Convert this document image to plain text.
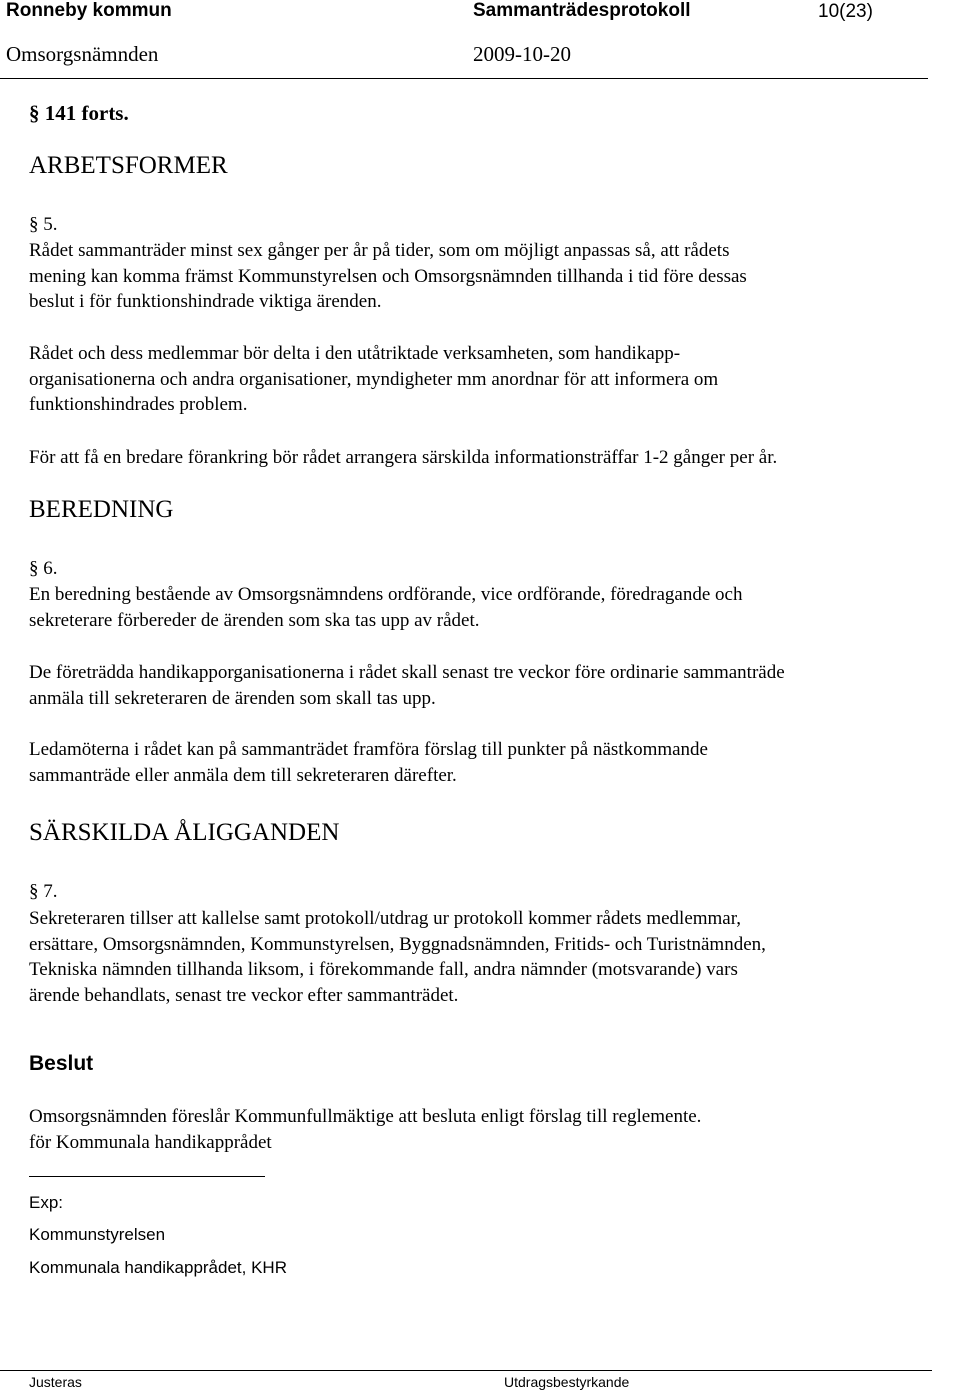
Ronneby kommun	Sammanträdesprotokoll	10(23)
Omsorgsnämnden	2009-10-20
§ 141 forts.
ARBETSFORMER
§ 5.
Rådet sammanträder minst sex gånger per år på tider, som om möjligt anpassas så, att rådets
mening kan komma främst Kommunstyrelsen och Omsorgsnämnden tillhanda i tid före dessas
beslut i för funktionshindrade viktiga ärenden.
Rådet och dess medlemmar bör delta i den utåtriktade verksamheten, som handikapp-
organisationerna och andra organisationer, myndigheter mm anordnar för att informera om
funktionshindrades problem.
För att få en bredare förankring bör rådet arrangera särskilda informationsträffar 1-2 gånger per år.
BEREDNING
§ 6.
En beredning bestående av Omsorgsnämndens ordförande, vice ordförande, föredragande och
sekreterare förbereder de ärenden som ska tas upp av rådet.
De företrädda handikapporganisationerna i rådet skall senast tre veckor före ordinarie sammanträde
anmäla till sekreteraren de ärenden som skall tas upp.
Ledamöterna i rådet kan på sammanträdet framföra förslag till punkter på nästkommande
sammanträde eller anmäla dem till sekreteraren därefter.
SÄRSKILDA ÅLIGGANDEN
§ 7.
Sekreteraren tillser att kallelse samt protokoll/utdrag ur protokoll kommer rådets medlemmar,
ersättare, Omsorgsnämnden, Kommunstyrelsen, Byggnadsnämnden, Fritids- och Turistnämnden,
Tekniska nämnden tillhanda liksom, i förekommande fall, andra nämnder (motsvarande) vars
ärende behandlats, senast tre veckor efter sammanträdet.
Beslut
Omsorgsnämnden föreslår Kommunfullmäktige att besluta enligt förslag till reglemente.
för Kommunala handikapprådet
Exp:
Kommunstyrelsen
Kommunala handikapprådet, KHR
Justeras	Utdragsbestyrkande
